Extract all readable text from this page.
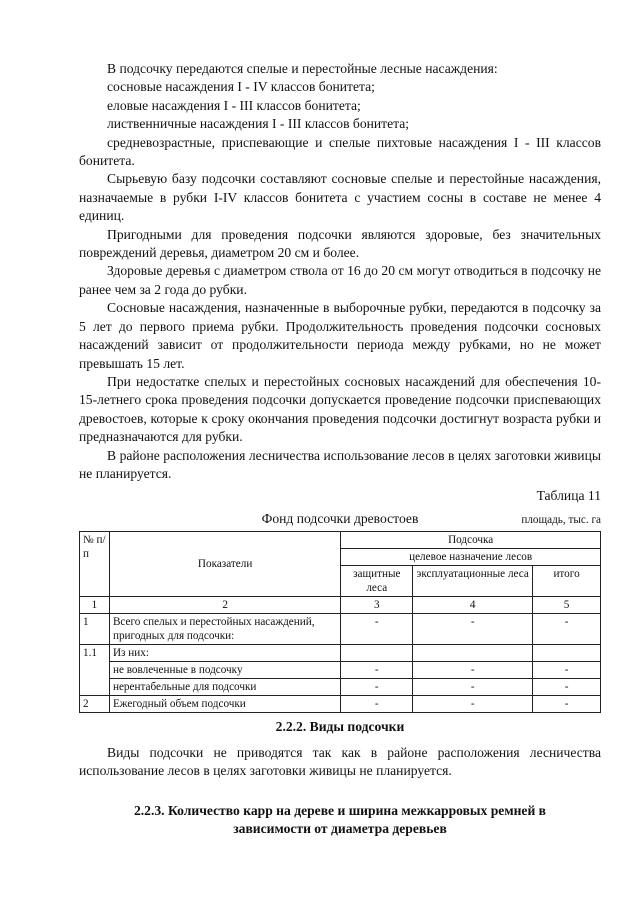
В подсочку передаются спелые и перестойные лесные насаждения:

сосновые насаждения I - IV классов бонитета;

еловые насаждения I - III классов бонитета;

лиственничные насаждения I - III классов бонитета;

средневозрастные, приспевающие и спелые пихтовые насаждения I - III классов бонитета.

Сырьевую базу подсочки составляют сосновые спелые и перестойные насаждения, назначаемые в рубки I-IV классов бонитета с участием сосны в составе не менее 4 единиц.

Пригодными для проведения подсочки являются здоровые, без значительных повреждений деревья, диаметром 20 см и более.

Здоровые деревья с диаметром ствола от 16 до 20 см могут отводиться в подсочку не ранее чем за 2 года до рубки.

Сосновые насаждения, назначенные в выборочные рубки, передаются в подсочку за 5 лет до первого приема рубки. Продолжительность проведения подсочки сосновых насаждений зависит от продолжительности периода между рубками, но не может превышать 15 лет.

При недостатке спелых и перестойных сосновых насаждений для обеспечения 10-15-летнего срока проведения подсочки допускается проведение подсочки приспевающих древостоев, которые к сроку окончания проведения подсочки достигнут возраста рубки и предназначаются для рубки.

В районе расположения лесничества использование лесов в целях заготовки живицы не планируется.

Таблица 11

Фонд подсочки древостоев	площадь, тыс. га
№ п/п	Показатели	Подсочка		
		целевое назначение лесов		
		защитные леса	эксплуатационные леса	итого
1	2	3	4	5
1	Всего спелых и перестойных насаждений, пригодных для подсочки:	-	-	-
1.1	Из них:			
	не вовлеченные в подсочку	-	-	-
	нерентабельные для подсочки	-	-	-
2	Ежегодный объем подсочки	-	-	-
2.2.2. Виды подсочки

Виды подсочки не приводятся так как в районе расположения лесничества использование лесов в целях заготовки живицы не планируется.

2.2.3. Количество карр на дереве и ширина межкарровых ремней в
зависимости от диаметра деревьев
